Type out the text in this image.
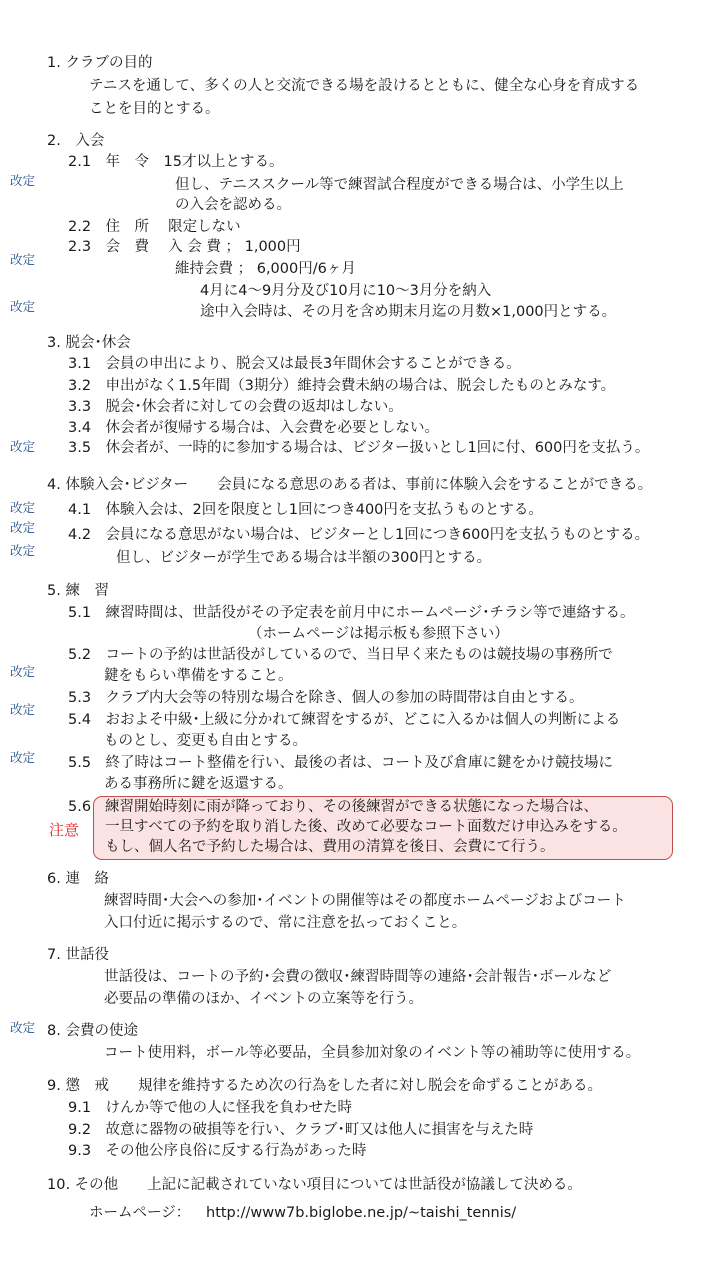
改定
改定
改定
改定
改定
改定
改定
改定
改定
改定
改定
1. クラブの目的
テニスを通して、多くの人と交流できる場を設けるとともに、健全な心身を育成する
ことを目的とする。
2.　入会
2.1　年　令　15才以上とする。
但し、テニススクール等で練習試合程度ができる場合は、小学生以上
の入会を認める。
2.2　住　所　 限定しない
2.3　会　費　 入 会 費 ； 1,000円
維持会費 ； 6,000円/6ヶ月
4月に4～9月分及び10月に10～3月分を納入
途中入会時は、その月を含め期末月迄の月数×1,000円とする。
3. 脱会･休会
3.1　会員の申出により、脱会又は最長3年間休会することができる。
3.2　申出がなく1.5年間（3期分）維持会費未納の場合は、脱会したものとみなす。
3.3　脱会･休会者に対しての会費の返却はしない。
3.4　休会者が復帰する場合は、入会費を必要としない。
3.5　休会者が、一時的に参加する場合は、ビジター扱いとし1回に付、600円を支払う。
4. 体験入会･ビジター　　会員になる意思のある者は、事前に体験入会をすることができる。
4.1　体験入会は、2回を限度とし1回につき400円を支払うものとする。
4.2　会員になる意思がない場合は、ビジターとし1回につき600円を支払うものとする。
但し、ビジターが学生である場合は半額の300円とする。
5. 練　習
5.1　練習時間は、世話役がその予定表を前月中にホームページ･チラシ等で連絡する。
（ホームページは掲示板も参照下さい）
5.2　コートの予約は世話役がしているので、当日早く来たものは競技場の事務所で
鍵をもらい準備をすること。
5.3　クラブ内大会等の特別な場合を除き、個人の参加の時間帯は自由とする。
5.4　おおよそ中級･上級に分かれて練習をするが、どこに入るかは個人の判断による
ものとし、変更も自由とする。
5.5　終了時はコート整備を行い、最後の者は、コート及び倉庫に鍵をかけ競技場に
ある事務所に鍵を返還する。
5.6
注意
練習開始時刻に雨が降っており、その後練習ができる状態になった場合は、
一旦すべての予約を取り消した後、改めて必要なコート面数だけ申込みをする。
もし、個人名で予約した場合は、費用の清算を後日、会費にて行う。
6. 連　絡
練習時間･大会への参加･イベントの開催等はその都度ホームページおよびコート
入口付近に掲示するので、常に注意を払っておくこと。
7. 世話役
世話役は、コートの予約･会費の徴収･練習時間等の連絡･会計報告･ボールなど
必要品の準備のほか、イベントの立案等を行う。
8. 会費の使途
コート使用料，ボール等必要品，全員参加対象のイベント等の補助等に使用する。
9. 懲　戒　　規律を維持するため次の行為をした者に対し脱会を命ずることがある。
9.1　けんか等で他の人に怪我を負わせた時
9.2　故意に器物の破損等を行い、クラブ･町又は他人に損害を与えた時
9.3　その他公序良俗に反する行為があった時
10. その他　　上記に記載されていない項目については世話役が協議して決める。
ホームページ： http://www7b.biglobe.ne.jp/~taishi_tennis/
